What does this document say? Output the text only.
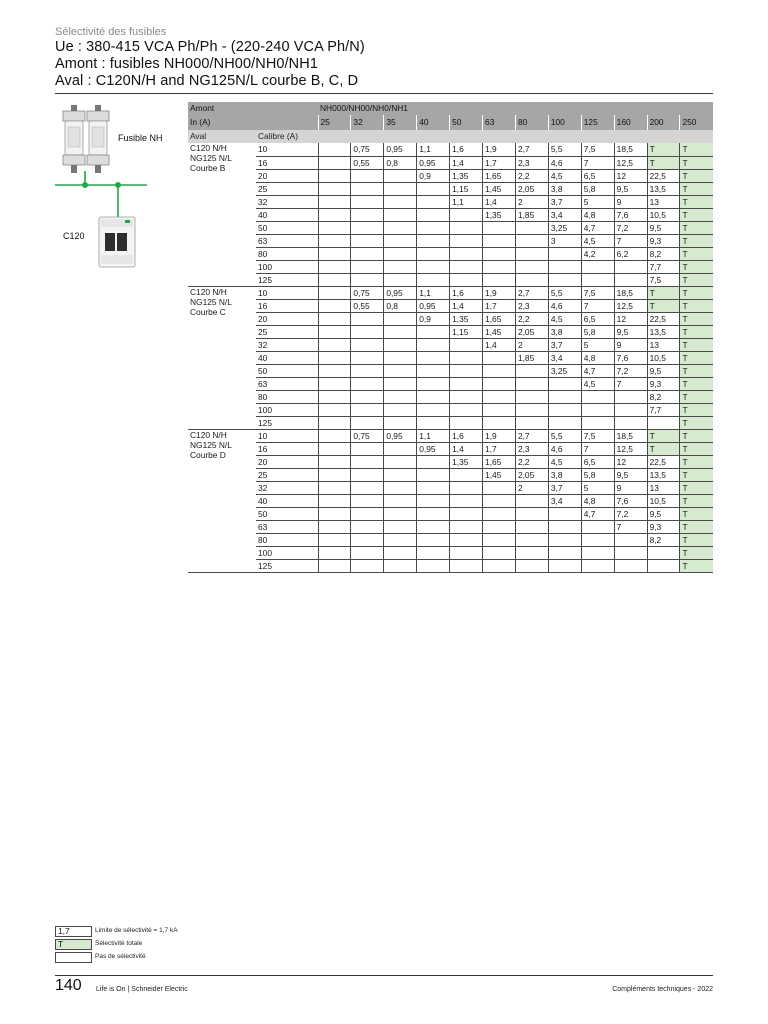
Sélectivité des fusibles
Ue : 380-415 VCA Ph/Ph - (220-240 VCA Ph/N)
Amont : fusibles NH000/NH00/NH0/NH1
Aval : C120N/H and NG125N/L courbe B, C, D
Fusible NH
C120
Amont		NH000/NH00/NH0/NH1											
In (A)		25	32	35	40	50	63	80	100	125	160	200	250
Aval	Calibre (A)												

C120 N/H
NG125 N/L
Courbe B	10		0,75	0,95	1,1	1,6	1,9	2,7	5,5	7,5	18,5	T	T
	16		0,55	0,8	0,95	1,4	1,7	2,3	4,6	7	12,5	T	T
	20				0,9	1,35	1,65	2,2	4,5	6,5	12	22,5	T
	25					1,15	1,45	2,05	3,8	5,8	9,5	13,5	T
	32					1,1	1,4	2	3,7	5	9	13	T
	40						1,35	1,85	3,4	4,8	7,6	10,5	T
	50								3,25	4,7	7,2	9,5	T
	63								3	4,5	7	9,3	T
	80									4,2	6,2	8,2	T
	100											7,7	T
	125											7,5	T

C120 N/H
NG125 N/L
Courbe C	10		0,75	0,95	1,1	1,6	1,9	2,7	5,5	7,5	18,5	T	T
	16		0,55	0,8	0,95	1,4	1,7	2,3	4,6	7	12,5	T	T
	20				0,9	1,35	1,65	2,2	4,5	6,5	12	22,5	T
	25					1,15	1,45	2,05	3,8	5,8	9,5	13,5	T
	32						1,4	2	3,7	5	9	13	T
	40							1,85	3,4	4,8	7,6	10,5	T
	50								3,25	4,7	7,2	9,5	T
	63									4,5	7	9,3	T
	80											8,2	T
	100											7,7	T
	125												T

C120 N/H
NG125 N/L
Courbe D	10		0,75	0,95	1,1	1,6	1,9	2,7	5,5	7,5	18,5	T	T
	16				0,95	1,4	1,7	2,3	4,6	7	12,5	T	T
	20					1,35	1,65	2,2	4,5	6,5	12	22,5	T
	25						1,45	2,05	3,8	5,8	9,5	13,5	T
	32							2	3,7	5	9	13	T
	40								3,4	4,8	7,6	10,5	T
	50									4,7	7,2	9,5	T
	63										7	9,3	T
	80											8,2	T
	100												T
	125												T
1,7	Limite de sélectivité = 1,7 kA
T	Sélectivité totale
Pas de sélectivité
140 Life is On | Schneider Electric	Compléments techniques - 2022
